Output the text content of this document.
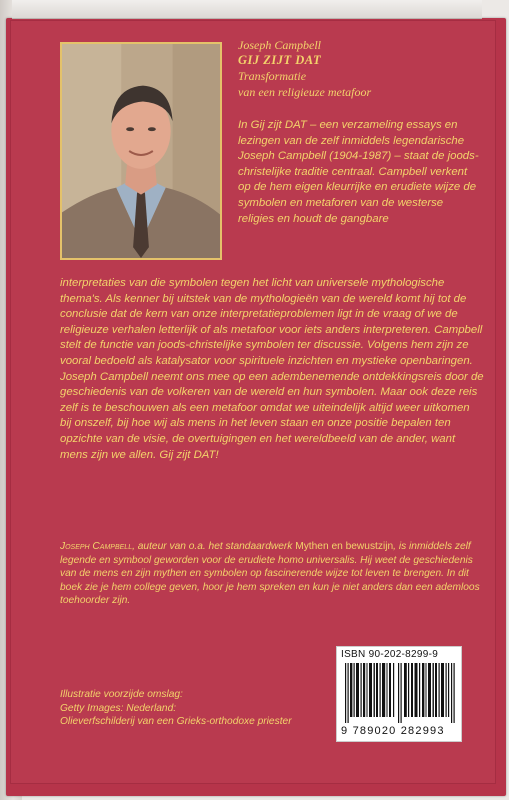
Joseph Campbell
GIJ ZIJT DAT
Transformatie
van een religieuze metafoor
In Gij zijt DAT – een verzameling essays en lezingen van de zelf inmiddels legendarische Joseph Campbell (1904-1987) – staat de joods-christelijke traditie centraal. Campbell verkent op de hem eigen kleurrijke en erudiete wijze de symbolen en metaforen van de westerse religies en houdt de gangbare

interpretaties van die symbolen tegen het licht van universele mythologische thema's. Als kenner bij uitstek van de mythologieën van de wereld komt hij tot de conclusie dat de kern van onze interpretatieproblemen ligt in de vraag of we de religieuze verhalen letterlijk of als metafoor voor iets anders interpreteren. Campbell stelt de functie van joods-christelijke symbolen ter discussie. Volgens hem zijn ze vooral bedoeld als katalysator voor spirituele inzichten en mystieke openbaringen.

Joseph Campbell neemt ons mee op een adembenemende ontdekkingsreis door de geschiedenis van de volkeren van de wereld en hun symbolen. Maar ook deze reis zelf is te beschouwen als een metafoor omdat we uiteindelijk altijd weer uitkomen bij onszelf, bij hoe wij als mens in het leven staan en onze positie bepalen ten opzichte van de visie, de overtuigingen en het wereldbeeld van de ander, want mens zijn we allen. Gij zijt DAT!

Joseph Campbell, auteur van o.a. het standaardwerk Mythen en bewustzijn, is inmiddels zelf legende en symbool geworden voor de erudiete homo universalis. Hij weet de geschiedenis van de mens en zijn mythen en symbolen op fascinerende wijze tot leven te brengen. In dit boek zie je hem college geven, hoor je hem spreken en kun je niet anders dan een ademloos toehoorder zijn.
Illustratie voorzijde omslag:
Getty Images: Nederland:
Olieverfschilderij van een Grieks-orthodoxe priester
ISBN 90-202-8299-9
9 789020 282993
